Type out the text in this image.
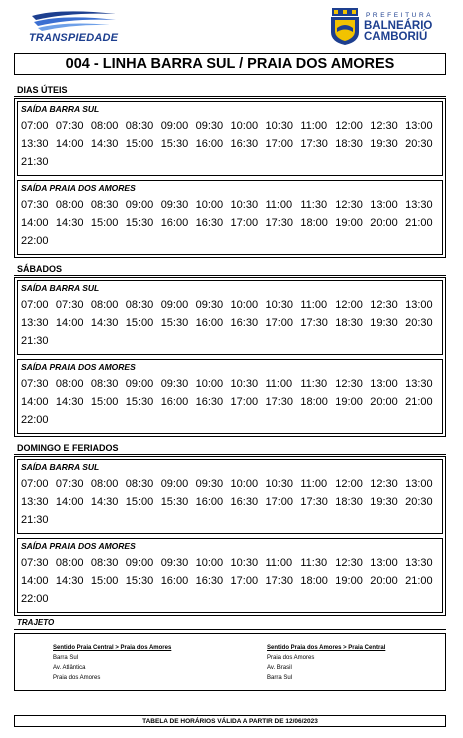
TRANSPIEDADE
PREFEITURA
BALNEÁRIO
CAMBORIÚ
004 - LINHA BARRA SUL / PRAIA DOS AMORES
DIAS ÚTEIS
SAÍDA BARRA SUL
07:00 07:30 08:00 08:30 09:00 09:30 10:00 10:30 11:00 12:00 12:30 13:00
13:30 14:00 14:30 15:00 15:30 16:00 16:30 17:00 17:30 18:30 19:30 20:30
21:30
SAÍDA PRAIA DOS AMORES
07:30 08:00 08:30 09:00 09:30 10:00 10:30 11:00 11:30 12:30 13:00 13:30
14:00 14:30 15:00 15:30 16:00 16:30 17:00 17:30 18:00 19:00 20:00 21:00
22:00
SÁBADOS
SAÍDA BARRA SUL
07:00 07:30 08:00 08:30 09:00 09:30 10:00 10:30 11:00 12:00 12:30 13:00
13:30 14:00 14:30 15:00 15:30 16:00 16:30 17:00 17:30 18:30 19:30 20:30
21:30
SAÍDA PRAIA DOS AMORES
07:30 08:00 08:30 09:00 09:30 10:00 10:30 11:00 11:30 12:30 13:00 13:30
14:00 14:30 15:00 15:30 16:00 16:30 17:00 17:30 18:00 19:00 20:00 21:00
22:00
DOMINGO E FERIADOS
SAÍDA BARRA SUL
07:00 07:30 08:00 08:30 09:00 09:30 10:00 10:30 11:00 12:00 12:30 13:00
13:30 14:00 14:30 15:00 15:30 16:00 16:30 17:00 17:30 18:30 19:30 20:30
21:30
SAÍDA PRAIA DOS AMORES
07:30 08:00 08:30 09:00 09:30 10:00 10:30 11:00 11:30 12:30 13:00 13:30
14:00 14:30 15:00 15:30 16:00 16:30 17:00 17:30 18:00 19:00 20:00 21:00
22:00
TRAJETO
Sentido Praia Central > Praia dos Amores
Barra Sul
Av. Atlântica
Praia dos Amores
Sentido Praia dos Amores > Praia Central
Praia dos Amores
Av. Brasil
Barra Sul
TABELA DE HORÁRIOS VÁLIDA A PARTIR DE 12/06/2023
